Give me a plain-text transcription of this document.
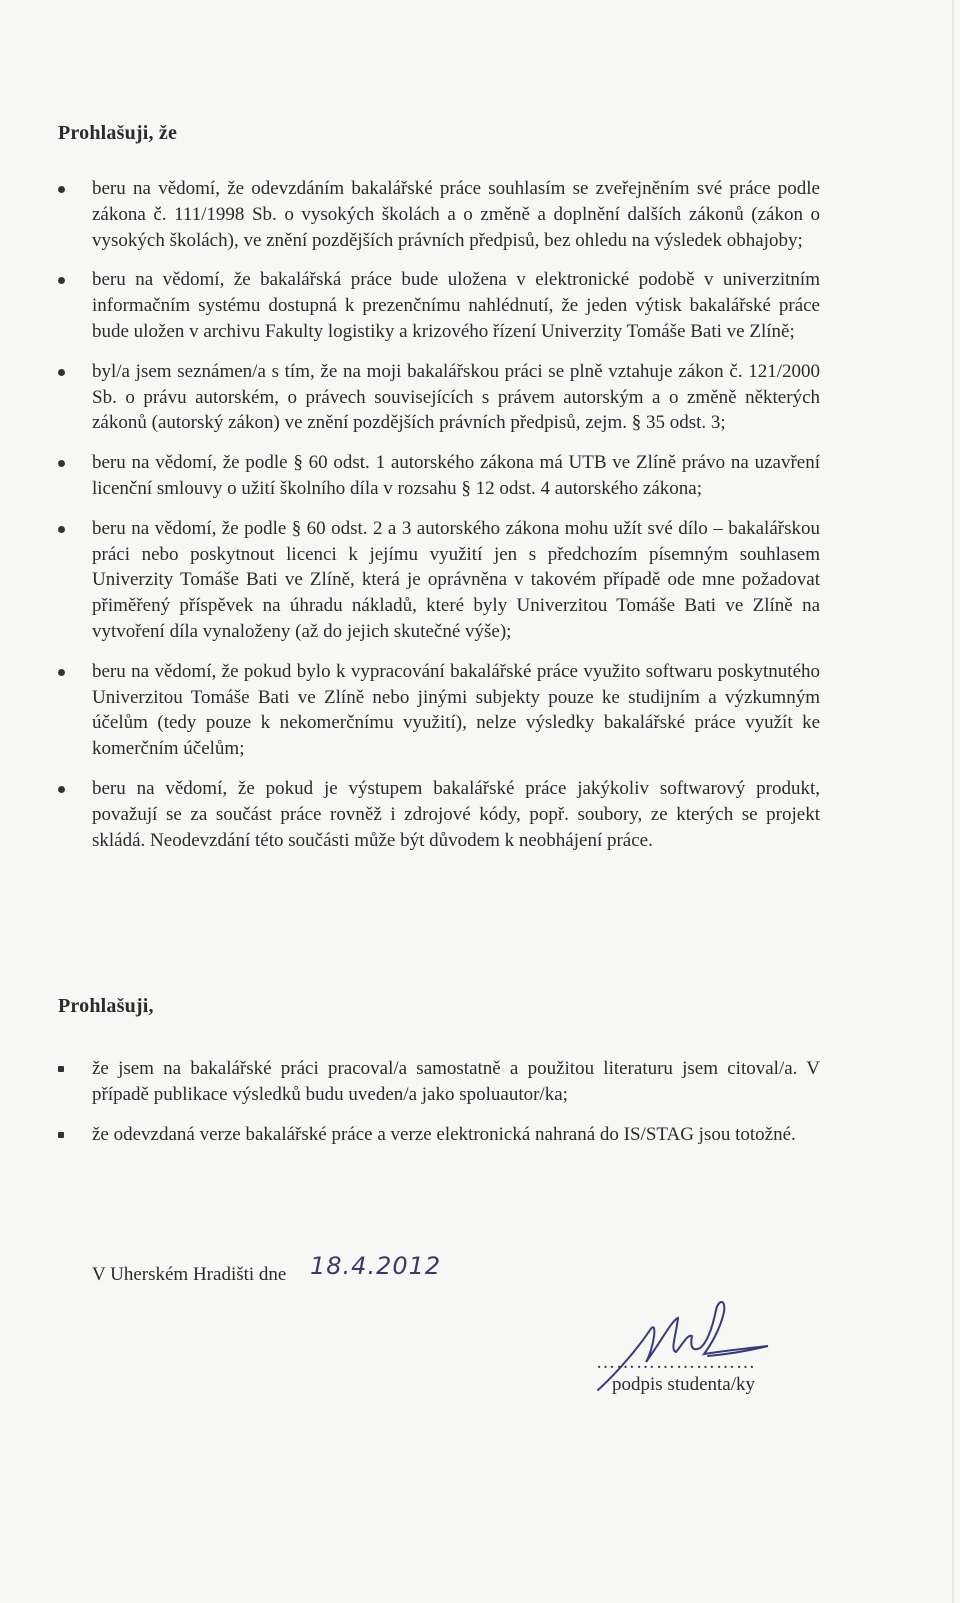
Prohlašuji, že
beru na vědomí, že odevzdáním bakalářské práce souhlasím se zveřejněním své práce podle zákona č. 111/1998 Sb. o vysokých školách a o změně a doplnění dalších zákonů (zákon o vysokých školách), ve znění pozdějších právních předpisů, bez ohledu na výsledek obhajoby;
beru na vědomí, že bakalářská práce bude uložena v elektronické podobě v univerzitním informačním systému dostupná k prezenčnímu nahlédnutí, že jeden výtisk bakalářské práce bude uložen v archivu Fakulty logistiky a krizového řízení Univerzity Tomáše Bati ve Zlíně;
byl/a jsem seznámen/a s tím, že na moji bakalářskou práci se plně vztahuje zákon č. 121/2000 Sb. o právu autorském, o právech souvisejících s právem autorským a o změně některých zákonů (autorský zákon) ve znění pozdějších právních předpisů, zejm. § 35 odst. 3;
beru na vědomí, že podle § 60 odst. 1 autorského zákona má UTB ve Zlíně právo na uzavření licenční smlouvy o užití školního díla v rozsahu § 12 odst. 4 autorského zákona;
beru na vědomí, že podle § 60 odst. 2 a 3 autorského zákona mohu užít své dílo – bakalářskou práci nebo poskytnout licenci k jejímu využití jen s předchozím písemným souhlasem Univerzity Tomáše Bati ve Zlíně, která je oprávněna v takovém případě ode mne požadovat přiměřený příspěvek na úhradu nákladů, které byly Univerzitou Tomáše Bati ve Zlíně na vytvoření díla vynaloženy (až do jejich skutečné výše);
beru na vědomí, že pokud bylo k vypracování bakalářské práce využito softwaru poskytnutého Univerzitou Tomáše Bati ve Zlíně nebo jinými subjekty pouze ke studijním a výzkumným účelům (tedy pouze k nekomerčnímu využití), nelze výsledky bakalářské práce využít ke komerčním účelům;
beru na vědomí, že pokud je výstupem bakalářské práce jakýkoliv softwarový produkt, považují se za součást práce rovněž i zdrojové kódy, popř. soubory, ze kterých se projekt skládá. Neodevzdání této součásti může být důvodem k neobhájení práce.
Prohlašuji,
že jsem na bakalářské práci pracoval/a samostatně a použitou literaturu jsem citoval/a. V případě publikace výsledků budu uveden/a jako spoluautor/ka;
že odevzdaná verze bakalářské práce a verze elektronická nahraná do IS/STAG jsou totožné.
V Uherském Hradišti dne 18.4.2012
……………………
podpis studenta/ky
